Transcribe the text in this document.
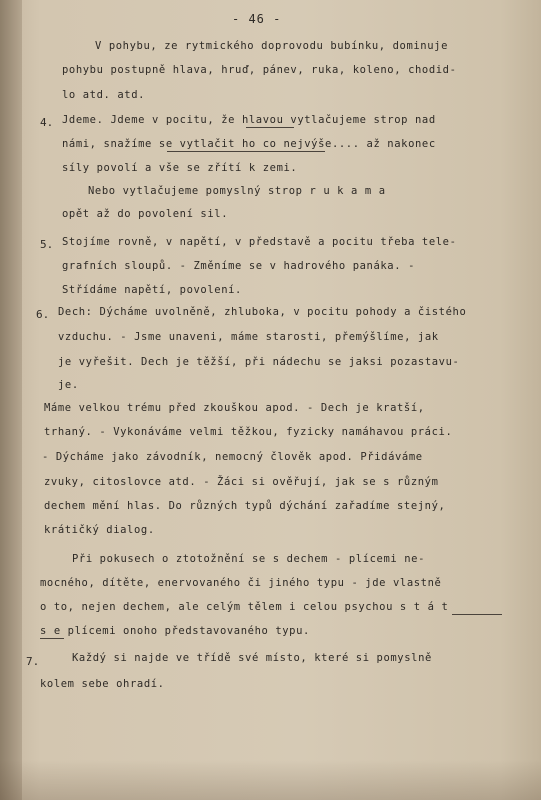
- 46 -
V pohybu, ze rytmického doprovodu bubínku, dominuje
pohybu postupně hlava, hruď, pánev, ruka, koleno, chodid-
lo atd. atd.
4. Jdeme. Jdeme v pocitu, že hlavou vytlačujeme strop nad
námi, snažíme se vytlačit ho co nejvýše.... až nakonec
síly povolí a vše se zřítí k zemi.
Nebo vytlačujeme pomyslný strop r u k a m a
opět až do povolení sil.
5. Stojíme rovně, v napětí, v představě a pocitu třeba tele-
grafních sloupů. - Změníme se v hadrového panáka. -
Střídáme napětí, povolení.
6. Dech: Dýcháme uvolněně, zhluboka, v pocitu pohody a čistého
vzduchu. - Jsme unaveni, máme starosti, přemýšlíme, jak
je vyřešit. Dech je těžší, při nádechu se jaksi pozastavu-
je.
Máme velkou trému před zkouškou apod. - Dech je kratší,
trhaný. - Vykonáváme velmi těžkou, fyzicky namáhavou práci.
- Dýcháme jako závodník, nemocný člověk apod. Přidáváme
zvuky, citoslovce atd. - Žáci si ověřují, jak se s různým
dechem mění hlas. Do různých typů dýchání zařadíme stejný,
krátičký dialog.
Při pokusech o ztotožnění se s dechem - plícemi ne-
mocného, dítěte, enervovaného či jiného typu - jde vlastně
o to, nejen dechem, ale celým tělem i celou psychou s t á t
s e plícemi onoho představovaného typu.
7.	Každý si najde ve třídě své místo, které si pomyslně
kolem sebe ohradí.
